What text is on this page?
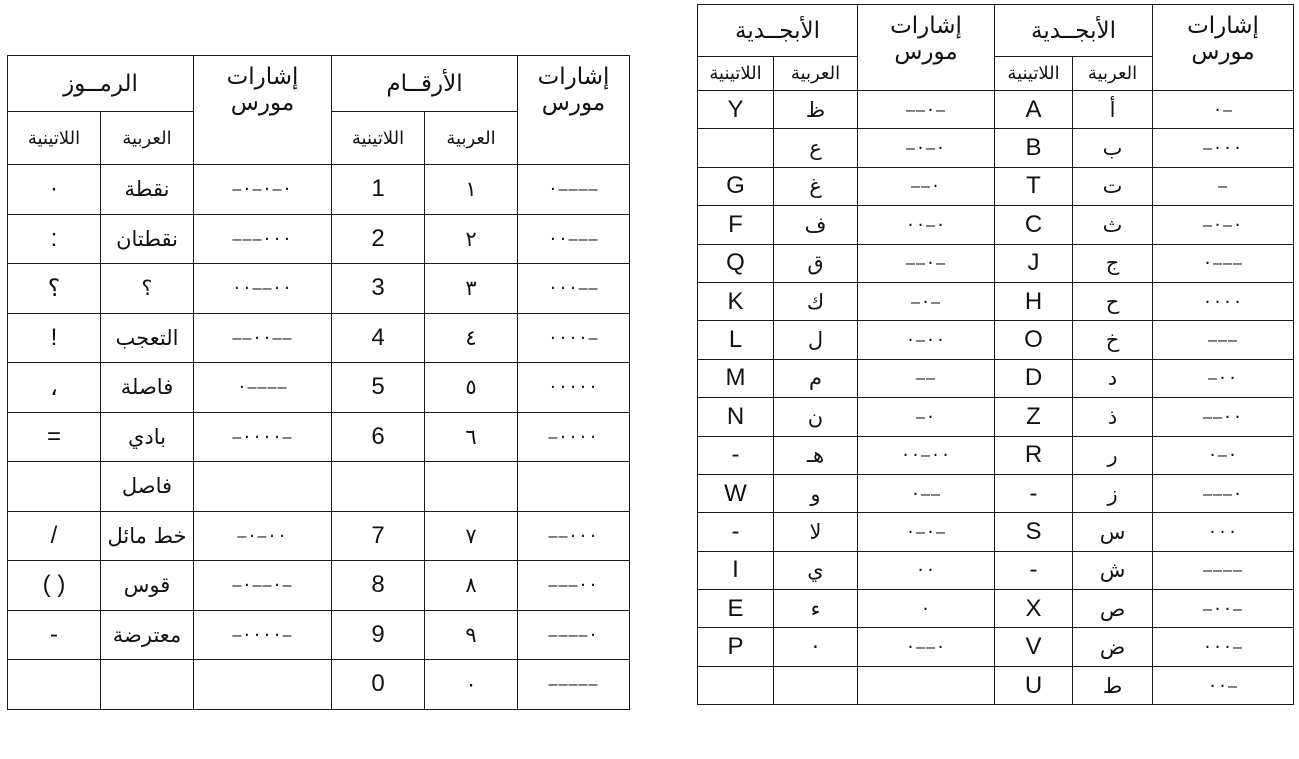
الرمــوز		إشارات مورس	الأرقــام		إشارات مورس
اللاتينية	العربية		اللاتينية	العربية	
·	نقطة	—·—·—·	1	١	·————
:	نقطتان	———···	2	٢	··———
؟	؟	··——··	3	٣	···——
!	التعجب	——··——	4	٤	····—
،	فاصلة	·————	5	٥	·····
=	بادي	—····—	6	٦	—····
	فاصل				
/	خط مائل	—·—··	7	٧	——···
( )	قوس	—·——·—	8	٨	———··
-	معترضة	—····—	9	٩	————·
			0	٠	—————
الأبجــدية		إشارات مورس	الأبجــدية		إشارات مورس
اللاتينية	العربية		اللاتينية	العربية	
Y	ظ	——·—	A	أ	·—
	ع	—·—·	B	ب	—···
G	غ	——·	T	ت	—
F	ف	··—·	C	ث	—·—·
Q	ق	——·—	J	ج	·———
K	ك	—·—	H	ح	····
L	ل	·—··	O	خ	———
M	م	——	D	د	—··
N	ن	—·	Z	ذ	——··
-	هـ	··—··	R	ر	·—·
W	و	·——	-	ز	———·
-	لا	·—·—	S	س	···
I	ي	··	-	ش	————
E	ء	·	X	ص	—··—
P	·	·——·	V	ض	···—
			U	ط	··—
